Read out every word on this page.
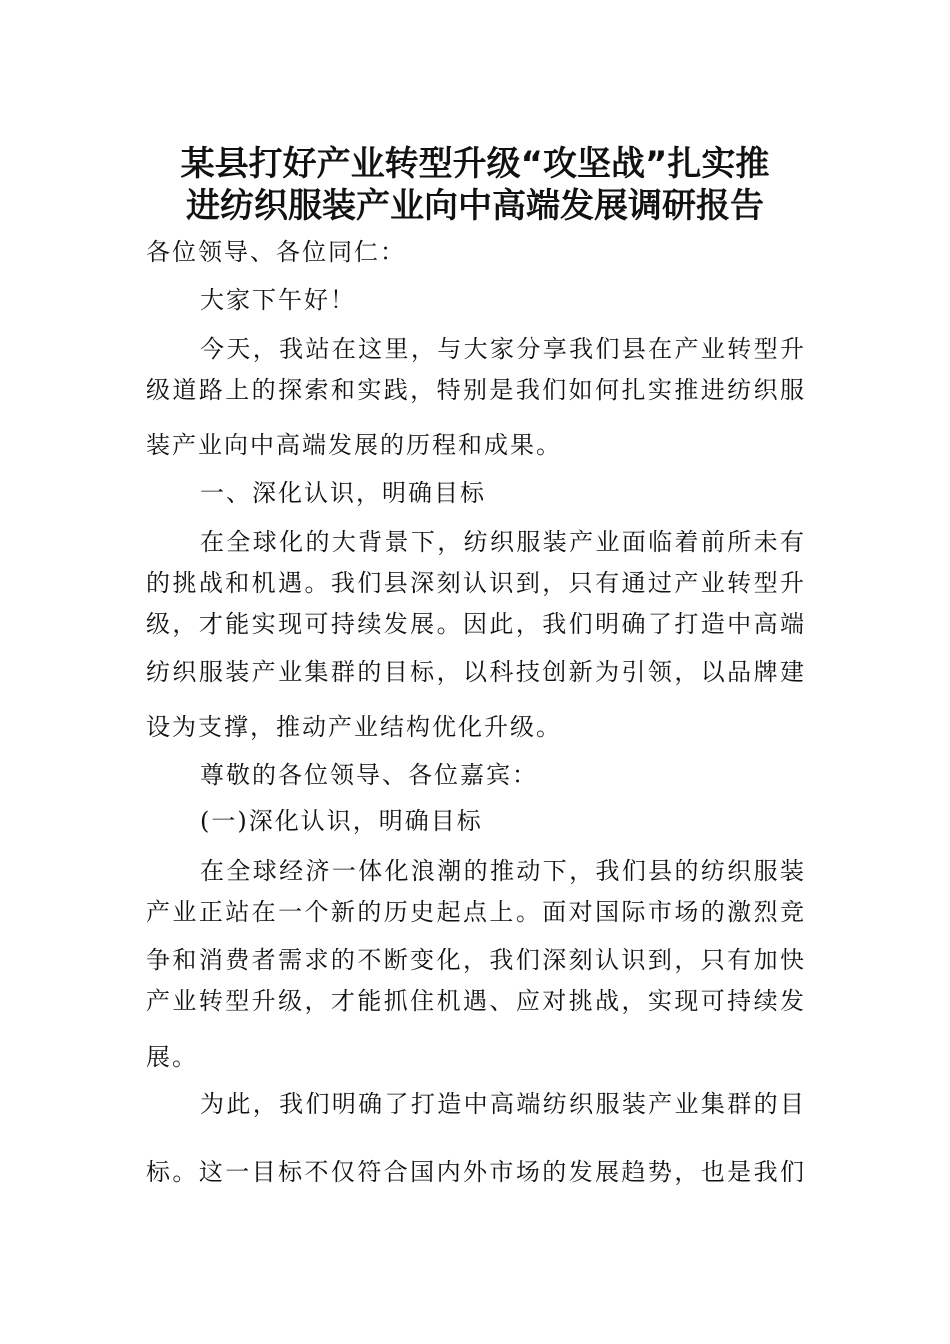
某县打好产业转型升级“攻坚战”扎实推
进纺织服装产业向中高端发展调研报告
各位领导、各位同仁：
大家下午好！
今天，我站在这里，与大家分享我们县在产业转型升
级道路上的探索和实践，特别是我们如何扎实推进纺织服
装产业向中高端发展的历程和成果。
一、深化认识，明确目标
在全球化的大背景下，纺织服装产业面临着前所未有
的挑战和机遇。我们县深刻认识到，只有通过产业转型升
级，才能实现可持续发展。因此，我们明确了打造中高端
纺织服装产业集群的目标，以科技创新为引领，以品牌建
设为支撑，推动产业结构优化升级。
尊敬的各位领导、各位嘉宾：
(一)深化认识，明确目标
在全球经济一体化浪潮的推动下，我们县的纺织服装
产业正站在一个新的历史起点上。面对国际市场的激烈竞
争和消费者需求的不断变化，我们深刻认识到，只有加快
产业转型升级，才能抓住机遇、应对挑战，实现可持续发
展。
为此，我们明确了打造中高端纺织服装产业集群的目
标。这一目标不仅符合国内外市场的发展趋势，也是我们
